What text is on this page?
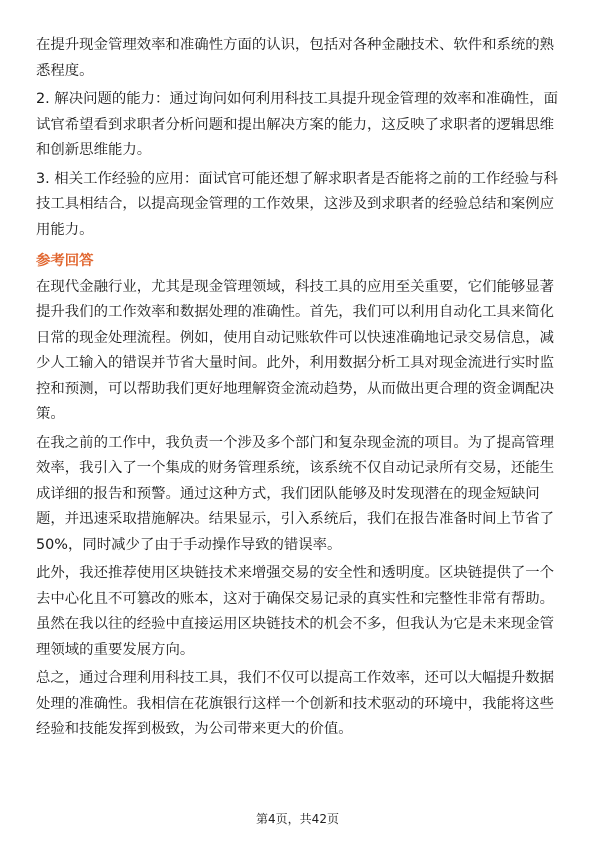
在提升现金管理效率和准确性方面的认识，包括对各种金融技术、软件和系统的熟
悉程度。
2. 解决问题的能力：通过询问如何利用科技工具提升现金管理的效率和准确性，面
试官希望看到求职者分析问题和提出解决方案的能力，这反映了求职者的逻辑思维
和创新思维能力。
3. 相关工作经验的应用：面试官可能还想了解求职者是否能将之前的工作经验与科
技工具相结合，以提高现金管理的工作效果，这涉及到求职者的经验总结和案例应
用能力。
参考回答
在现代金融行业，尤其是现金管理领域，科技工具的应用至关重要，它们能够显著
提升我们的工作效率和数据处理的准确性。首先，我们可以利用自动化工具来简化
日常的现金处理流程。例如，使用自动记账软件可以快速准确地记录交易信息，减
少人工输入的错误并节省大量时间。此外，利用数据分析工具对现金流进行实时监
控和预测，可以帮助我们更好地理解资金流动趋势，从而做出更合理的资金调配决
策。
在我之前的工作中，我负责一个涉及多个部门和复杂现金流的项目。为了提高管理
效率，我引入了一个集成的财务管理系统，该系统不仅自动记录所有交易，还能生
成详细的报告和预警。通过这种方式，我们团队能够及时发现潜在的现金短缺问
题，并迅速采取措施解决。结果显示，引入系统后，我们在报告准备时间上节省了
50%，同时减少了由于手动操作导致的错误率。
此外，我还推荐使用区块链技术来增强交易的安全性和透明度。区块链提供了一个
去中心化且不可篡改的账本，这对于确保交易记录的真实性和完整性非常有帮助。
虽然在我以往的经验中直接运用区块链技术的机会不多，但我认为它是未来现金管
理领域的重要发展方向。
总之，通过合理利用科技工具，我们不仅可以提高工作效率，还可以大幅提升数据
处理的准确性。我相信在花旗银行这样一个创新和技术驱动的环境中，我能将这些
经验和技能发挥到极致，为公司带来更大的价值。
第4页，共42页
